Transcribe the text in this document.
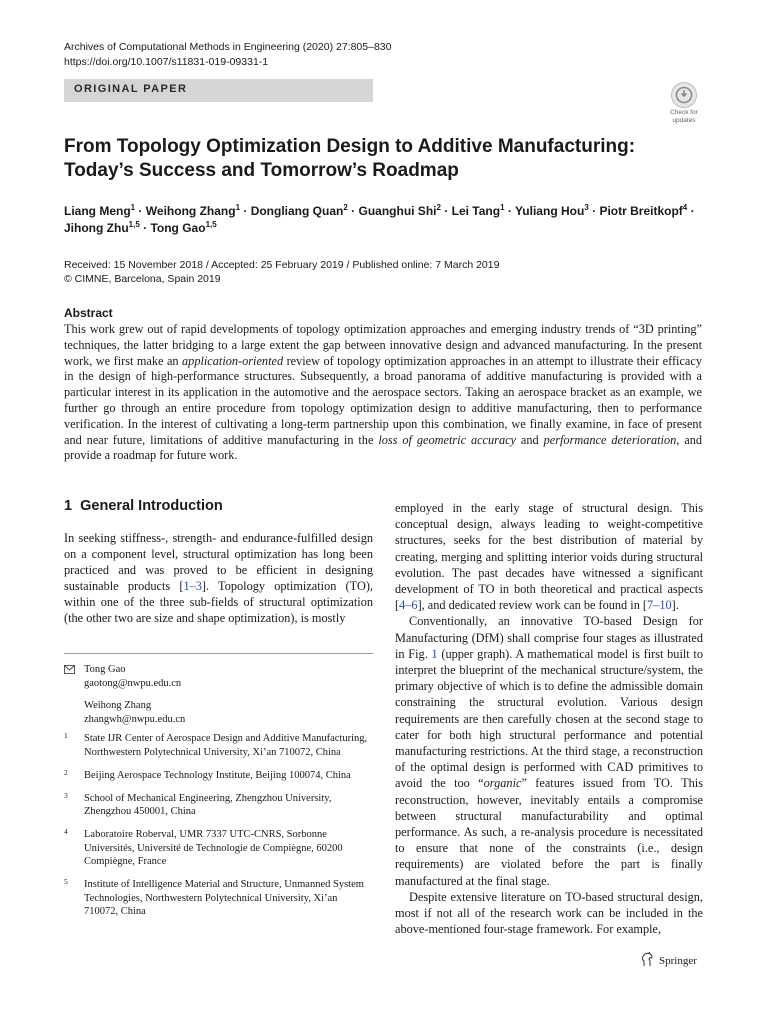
Archives of Computational Methods in Engineering (2020) 27:805–830
https://doi.org/10.1007/s11831-019-09331-1
ORIGINAL PAPER
Check for
updates
From Topology Optimization Design to Additive Manufacturing:
Today’s Success and Tomorrow’s Roadmap
Liang Meng$^1$ · Weihong Zhang$^1$ · Dongliang Quan$^2$ · Guanghui Shi$^2$ · Lei Tang$^1$ · Yuliang Hou$^3$ · Piotr Breitkopf$^4$ ·
Jihong Zhu$^{1,5}$ · Tong Gao$^{1,5}$
Received: 15 November 2018 / Accepted: 25 February 2019 / Published online: 7 March 2019
© CIMNE, Barcelona, Spain 2019
Abstract
This work grew out of rapid developments of topology optimization approaches and emerging industry trends of “3D printing” techniques, the latter bridging to a large extent the gap between innovative design and advanced manufacturing. In the present work, we first make an application-oriented review of topology optimization approaches in an attempt to illustrate their efficacy in the design of high-performance structures. Subsequently, a broad panorama of additive manufacturing is provided with a particular interest in its application in the automotive and the aerospace sectors. Taking an aerospace bracket as an example, we further go through an entire procedure from topology optimization design to additive manufacturing, then to performance verification. In the interest of cultivating a long-term partnership upon this combination, we finally examine, in face of present and near future, limitations of additive manufacturing in the loss of geometric accuracy and performance deterioration, and provide a roadmap for future work.
1 General Introduction

In seeking stiffness-, strength- and endurance-fulfilled design on a component level, structural optimization has long been practiced and was proved to be efficient in designing sustainable products [1–3]. Topology optimization (TO), within one of the three sub-fields of structural optimization (the other two are size and shape optimization), is mostly

Tong Gao
gaotong@nwpu.edu.cn
Weihong Zhang
zhangwh@nwpu.edu.cn
1 State IJR Center of Aerospace Design and Additive Manufacturing, Northwestern Polytechnical University, Xi’an 710072, China
2 Beijing Aerospace Technology Institute, Beijing 100074, China
3 School of Mechanical Engineering, Zhengzhou University, Zhengzhou 450001, China
4 Laboratoire Roberval, UMR 7337 UTC-CNRS, Sorbonne Universités, Université de Technologie de Compiègne, 60200 Compiègne, France
5 Institute of Intelligence Material and Structure, Unmanned System Technologies, Northwestern Polytechnical University, Xi’an 710072, China

employed in the early stage of structural design. This conceptual design, always leading to weight-competitive structures, seeks for the best distribution of material by creating, merging and splitting interior voids during structural evolution. The past decades have witnessed a significant development of TO in both theoretical and practical aspects [4–6], and dedicated review work can be found in [7–10].

Conventionally, an innovative TO-based Design for Manufacturing (DfM) shall comprise four stages as illustrated in Fig. 1 (upper graph). A mathematical model is first built to interpret the blueprint of the mechanical structure/system, the primary objective of which is to define the admissible domain constraining the structural evolution. Various design requirements are then carefully chosen at the second stage to cater for both high structural performance and potential manufacturing restrictions. At the third stage, a reconstruction of the optimal design is performed with CAD primitives to avoid the too “organic” features issued from TO. This reconstruction, however, inevitably entails a compromise between structural manufacturability and optimal performance. As such, a re-analysis procedure is necessitated to ensure that none of the constraints (i.e., design requirements) are violated before the part is finally manufactured at the final stage.

Despite extensive literature on TO-based structural design, most if not all of the research work can be included in the above-mentioned four-stage framework. For example,

Springer
